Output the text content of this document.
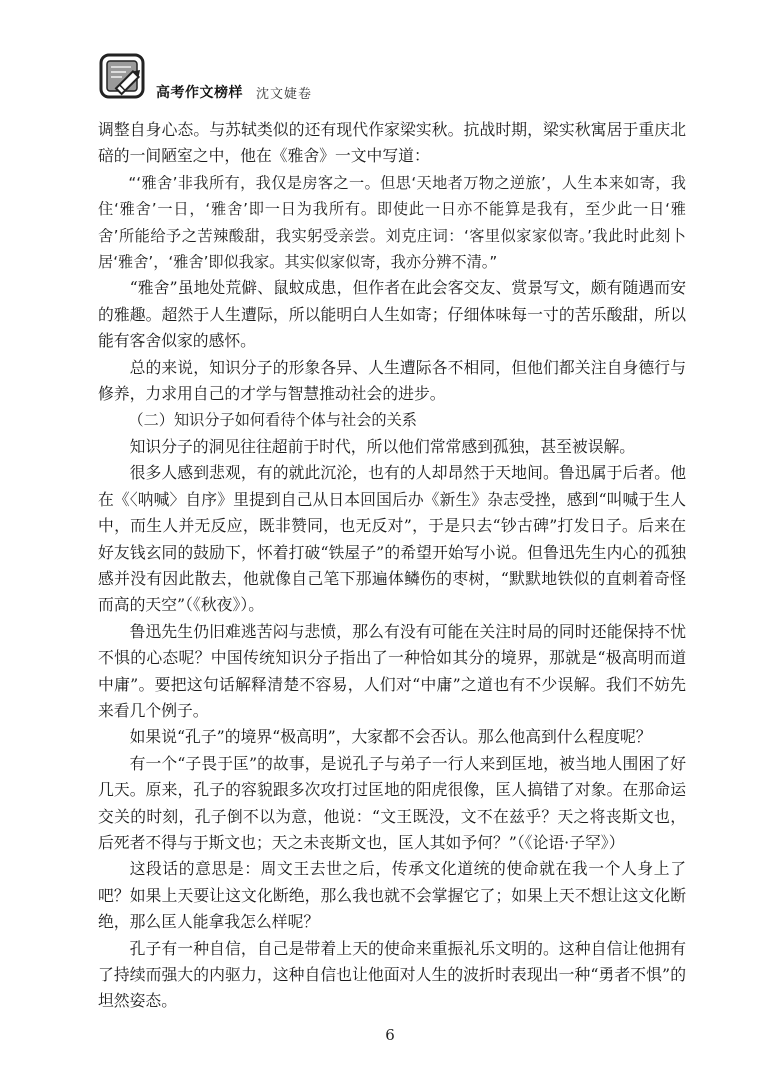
高考作文榜样 沈文婕卷

调整自身心态。与苏轼类似的还有现代作家梁实秋。抗战时期，梁实秋寓居于重庆北碚的一间陋室之中，他在《雅舍》一文中写道：

“‘雅舍’非我所有，我仅是房客之一。但思‘天地者万物之逆旅’，人生本来如寄，我住‘雅舍’一日，‘雅舍’即一日为我所有。即使此一日亦不能算是我有，至少此一日‘雅舍’所能给予之苦辣酸甜，我实躬受亲尝。刘克庄词：‘客里似家家似寄。’我此时此刻卜居‘雅舍’，‘雅舍’即似我家。其实似家似寄，我亦分辨不清。”

“雅舍”虽地处荒僻、鼠蚊成患，但作者在此会客交友、赏景写文，颇有随遇而安的雅趣。超然于人生遭际，所以能明白人生如寄；仔细体味每一寸的苦乐酸甜，所以能有客舍似家的感怀。

总的来说，知识分子的形象各异、人生遭际各不相同，但他们都关注自身德行与修养，力求用自己的才学与智慧推动社会的进步。

（二）知识分子如何看待个体与社会的关系

知识分子的洞见往往超前于时代，所以他们常常感到孤独，甚至被误解。

很多人感到悲观，有的就此沉沦，也有的人却昂然于天地间。鲁迅属于后者。他在《〈呐喊〉自序》里提到自己从日本回国后办《新生》杂志受挫，感到“叫喊于生人中，而生人并无反应，既非赞同，也无反对”，于是只去“钞古碑”打发日子。后来在好友钱玄同的鼓励下，怀着打破“铁屋子”的希望开始写小说。但鲁迅先生内心的孤独感并没有因此散去，他就像自己笔下那遍体鳞伤的枣树，“默默地铁似的直刺着奇怪而高的天空”（《秋夜》）。

鲁迅先生仍旧难逃苦闷与悲愤，那么有没有可能在关注时局的同时还能保持不忧不惧的心态呢？中国传统知识分子指出了一种恰如其分的境界，那就是“极高明而道中庸”。要把这句话解释清楚不容易，人们对“中庸”之道也有不少误解。我们不妨先来看几个例子。

如果说“孔子”的境界“极高明”，大家都不会否认。那么他高到什么程度呢？

有一个“子畏于匡”的故事，是说孔子与弟子一行人来到匡地，被当地人围困了好几天。原来，孔子的容貌跟多次攻打过匡地的阳虎很像，匡人搞错了对象。在那命运交关的时刻，孔子倒不以为意，他说：“文王既没，文不在兹乎？天之将丧斯文也，后死者不得与于斯文也；天之未丧斯文也，匡人其如予何？”（《论语·子罕》）

这段话的意思是：周文王去世之后，传承文化道统的使命就在我一个人身上了吧？如果上天要让这文化断绝，那么我也就不会掌握它了；如果上天不想让这文化断绝，那么匡人能拿我怎么样呢？

孔子有一种自信，自己是带着上天的使命来重振礼乐文明的。这种自信让他拥有了持续而强大的内驱力，这种自信也让他面对人生的波折时表现出一种“勇者不惧”的坦然姿态。

6
